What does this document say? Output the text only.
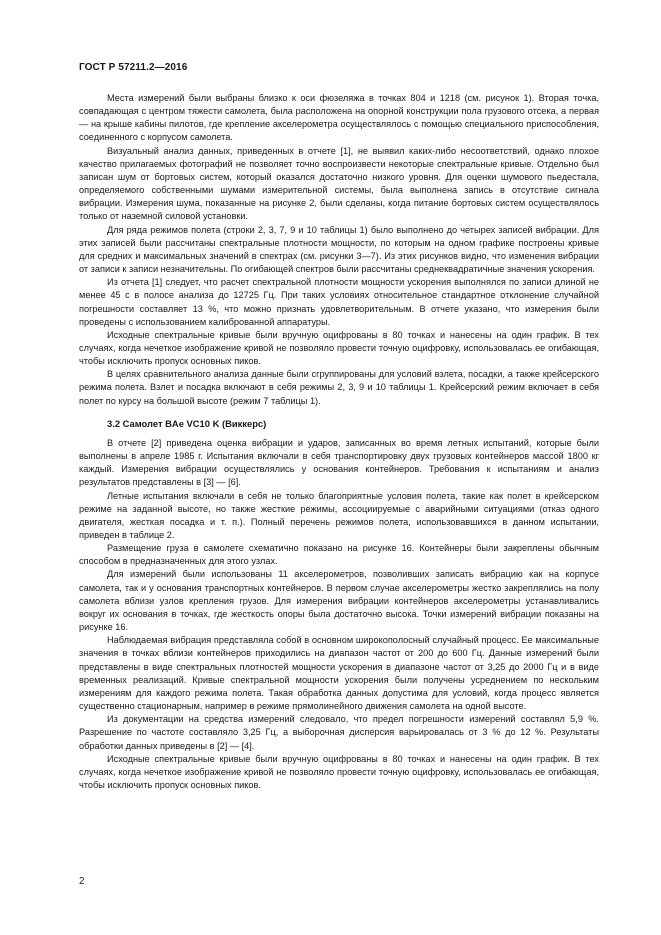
ГОСТ Р 57211.2—2016

Места измерений были выбраны близко к оси фюзеляжа в точках 804 и 1218 (см. рисунок 1). Вторая точка, совпадающая с центром тяжести самолета, была расположена на опорной конструкции пола грузового отсека, а первая — на крыше кабины пилотов, где крепление акселерометра осуществлялось с помощью специального приспособления, соединенного с корпусом самолета.

Визуальный анализ данных, приведенных в отчете [1], не выявил каких-либо несоответствий, однако плохое качество прилагаемых фотографий не позволяет точно воспроизвести некоторые спектральные кривые. Отдельно был записан шум от бортовых систем, который оказался достаточно низкого уровня. Для оценки шумового пьедестала, определяемого собственными шумами измерительной системы, была выполнена запись в отсутствие сигнала вибрации. Измерения шума, показанные на рисунке 2, были сделаны, когда питание бортовых систем осуществлялось только от наземной силовой установки.

Для ряда режимов полета (строки 2, 3, 7, 9 и 10 таблицы 1) было выполнено до четырех записей вибрации. Для этих записей были рассчитаны спектральные плотности мощности, по которым на одном графике построены кривые для средних и максимальных значений в спектрах (см. рисунки 3—7). Из этих рисунков видно, что изменения вибрации от записи к записи незначительны. По огибающей спектров были рассчитаны среднеквадратичные значения ускорения.

Из отчета [1] следует, что расчет спектральной плотности мощности ускорения выполнялся по записи длиной не менее 45 с в полосе анализа до 12725 Гц. При таких условиях относительное стандартное отклонение случайной погрешности составляет 13 %, что можно признать удовлетворительным. В отчете указано, что измерения были проведены с использованием калиброванной аппаратуры.

Исходные спектральные кривые были вручную оцифрованы в 80 точках и нанесены на один график. В тех случаях, когда нечеткое изображение кривой не позволяло провести точную оцифровку, использовалась ее огибающая, чтобы исключить пропуск основных пиков.

В целях сравнительного анализа данные были сгруппированы для условий взлета, посадки, а также крейсерского режима полета. Взлет и посадка включают в себя режимы 2, 3, 9 и 10 таблицы 1. Крейсерский режим включает в себя полет по курсу на большой высоте (режим 7 таблицы 1).

3.2 Самолет BAe VC10 K (Виккерс)

В отчете [2] приведена оценка вибрации и ударов, записанных во время летных испытаний, которые были выполнены в апреле 1985 г. Испытания включали в себя транспортировку двух грузовых контейнеров массой 1800 кг каждый. Измерения вибрации осуществлялись у основания контейнеров. Требования к испытаниям и анализ результатов представлены в [3] — [6].

Летные испытания включали в себя не только благоприятные условия полета, такие как полет в крейсерском режиме на заданной высоте, но также жесткие режимы, ассоциируемые с аварийными ситуациями (отказ одного двигателя, жесткая посадка и т. п.). Полный перечень режимов полета, использовавшихся в данном испытании, приведен в таблице 2.

Размещение груза в самолете схематично показано на рисунке 16. Контейнеры были закреплены обычным способом в предназначенных для этого узлах.

Для измерений были использованы 11 акселерометров, позволивших записать вибрацию как на корпусе самолета, так и у основания транспортных контейнеров. В первом случае акселерометры жестко закреплялись на полу самолета вблизи узлов крепления грузов. Для измерения вибрации контейнеров акселерометры устанавливались вокруг их основания в точках, где жесткость опоры была достаточно высока. Точки измерений вибрации показаны на рисунке 16.

Наблюдаемая вибрация представляла собой в основном широкополосный случайный процесс. Ее максимальные значения в точках вблизи контейнеров приходились на диапазон частот от 200 до 600 Гц. Данные измерений были представлены в виде спектральных плотностей мощности ускорения в диапазоне частот от 3,25 до 2000 Гц и в виде временных реализаций. Кривые спектральной мощности ускорения были получены усреднением по нескольким измерениям для каждого режима полета. Такая обработка данных допустима для условий, когда процесс является существенно стационарным, например в режиме прямолинейного движения самолета на одной высоте.

Из документации на средства измерений следовало, что предел погрешности измерений составлял 5,9 %. Разрешение по частоте составляло 3,25 Гц, а выборочная дисперсия варьировалась от 3 % до 12 %. Результаты обработки данных приведены в [2] — [4].

Исходные спектральные кривые были вручную оцифрованы в 80 точках и нанесены на один график. В тех случаях, когда нечеткое изображение кривой не позволяло провести точную оцифровку, использовалась ее огибающая, чтобы исключить пропуск основных пиков.

2
